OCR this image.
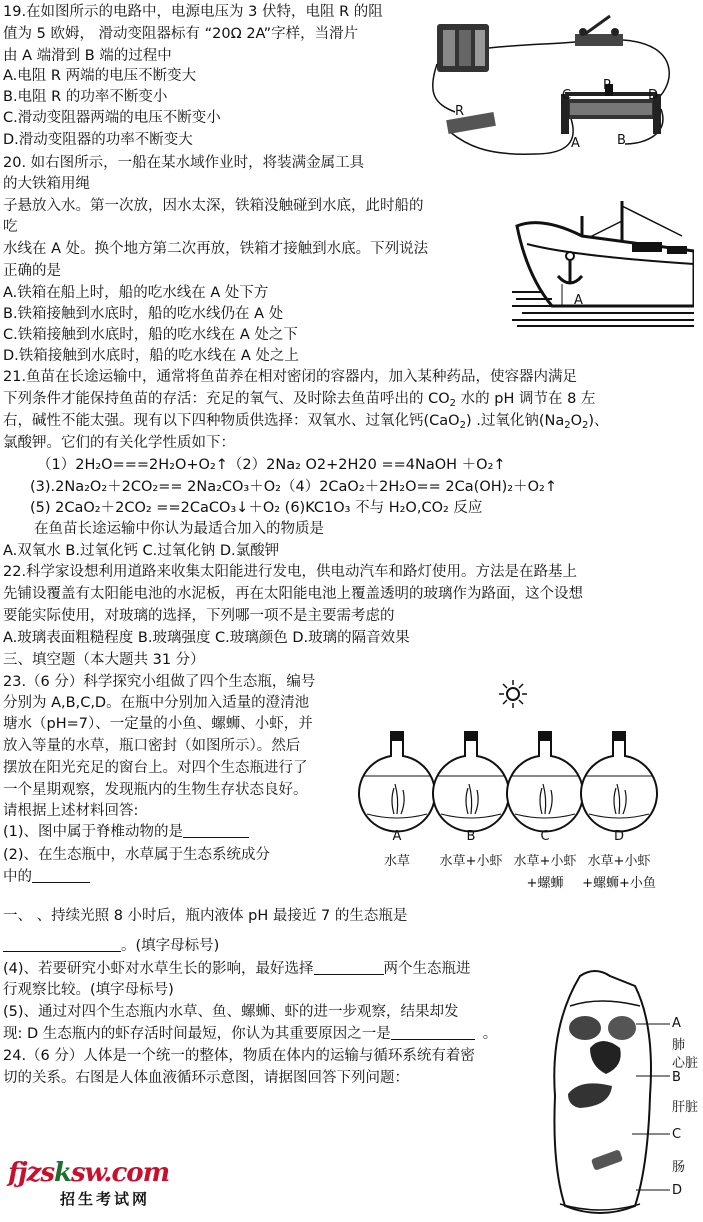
19.在如图所示的电路中，电源电压为 3 伏特，电阻 R 的阻
值为 5 欧姆， 滑动变阻器标有 “20Ω 2A”字样，当滑片
由 A 端滑到 B 端的过程中
A.电阻 R 两端的电压不断变大
B.电阻 R 的功率不断变小
C.滑动变阻器两端的电压不断变小
D.滑动变阻器的功率不断变大
R
C
P
D
A	B
20. 如右图所示，一船在某水域作业时，将装满金属工具
的大铁箱用绳
子悬放入水。第一次放，因水太深，铁箱没触碰到水底，此时船的
吃
水线在 A 处。换个地方第二次再放，铁箱才接触到水底。下列说法
正确的是
A.铁箱在船上时，船的吃水线在 A 处下方
B.铁箱接触到水底时，船的吃水线仍在 A 处
C.铁箱接触到水底时，船的吃水线在 A 处之下
D.铁箱接触到水底时，船的吃水线在 A 处之上
A
21.鱼苗在长途运输中，通常将鱼苗养在相对密闭的容器内，加入某种药品，使容器内满足
下列条件才能保持鱼苗的存活：充足的氧气、及时除去鱼苗呼出的 $CO_2$ 水的 pH 调节在 8 左
右，碱性不能太强。现有以下四种物质供选择：双氧水、过氧化钙(CaO$_2$) .过氧化钠$(Na_2O_2)$、
氯酸钾。它们的有关化学性质如下：
（1）2H₂O===2H₂O+O₂↑（2）2Na₂ O2+2H20 ==4NaOH ＋O₂↑
(3).2Na₂O₂＋2CO₂== 2Na₂CO₃＋O₂（4）2CaO₂＋2H₂O== 2Ca(OH)₂＋O₂↑
(5) 2CaO₂＋2CO₂ ==2CaCO₃↓＋O₂ (6)KC1O₃ 不与 H₂O,CO₂ 反应
在鱼苗长途运输中你认为最适合加入的物质是
A.双氧水 B.过氧化钙 C.过氧化钠 D.氯酸钾
22.科学家设想利用道路来收集太阳能进行发电，供电动汽车和路灯使用。方法是在路基上
先铺设覆盖有太阳能电池的水泥板，再在太阳能电池上覆盖透明的玻璃作为路面，这个设想
要能实际使用，对玻璃的选择，下列哪一项不是主要需考虑的
A.玻璃表面粗糙程度 B.玻璃强度 C.玻璃颜色 D.玻璃的隔音效果
三、填空题（本大题共 31 分）
23.（6 分）科学探究小组做了四个生态瓶，编号
分别为 A,B,C,D。在瓶中分别加入适量的澄清池
塘水（pH=7）、一定量的小鱼、螺蛳、小虾，并
放入等量的水草，瓶口密封（如图所示）。然后
摆放在阳光充足的窗台上。对四个生态瓶进行了
一个星期观察，发现瓶内的生物生存状态良好。
请根据上述材料回答:
(1)、图中属于脊椎动物的是
(2)、在生态瓶中，水草属于生态系统成分
中的
A
水草
B
水草+小虾
C
水草+小虾
+螺蛳
D
水草+小虾
+螺蛳+小鱼
一、 、持续光照 8 小时后，瓶内液体 pH 最接近 7 的生态瓶是
。(填字母标号)
(4)、若要研究小虾对水草生长的影响，最好选择	两个生态瓶进
行观察比较。(填字母标号)
(5)、通过对四个生态瓶内水草、鱼、螺蛳、虾的进一步观察，结果却发
现: D 生态瓶内的虾存活时间最短，你认为其重要原因之一是	。
24.（6 分）人体是一个统一的整体，物质在体内的运输与循环系统有着密
切的关系。右图是人体血液循环示意图，请据图回答下列问题：
A
肺
心脏
B
肝脏
C
肠
D
fjzsksw.com
招生考试网
